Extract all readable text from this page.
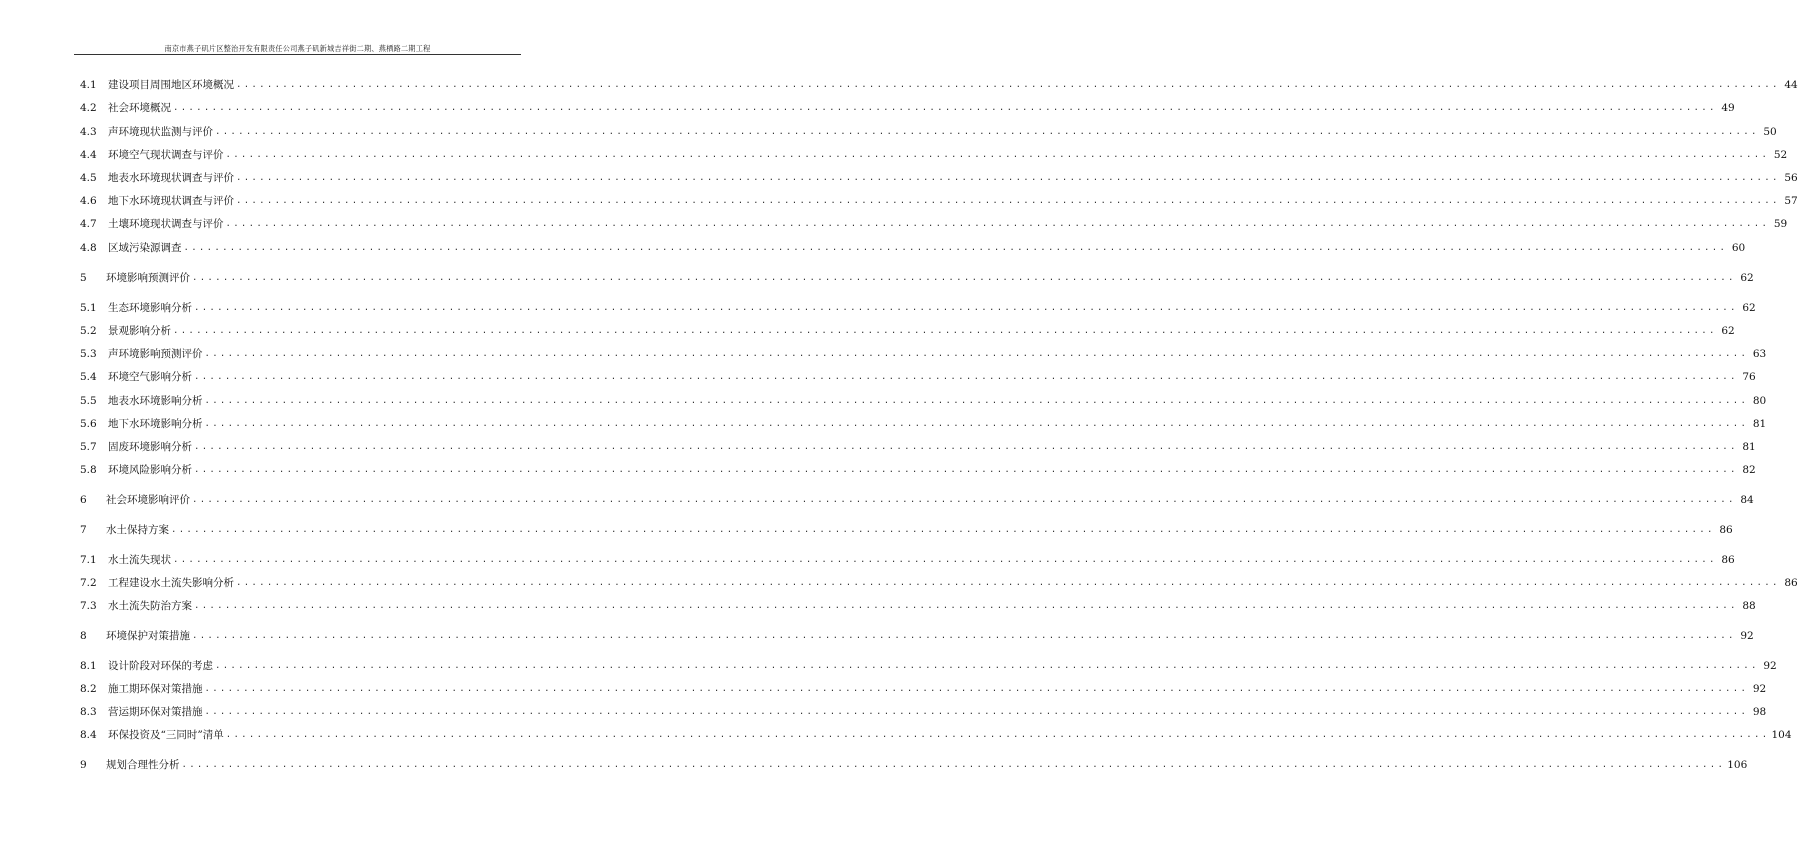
南京市燕子矶片区整治开发有限责任公司燕子矶新城吉祥街二期、燕栖路二期工程
4.1	建设项目周围地区环境概况 ........................................................................................................................................................................................................ 44
4.2	社会环境概况 ........................................................................................................................................................................................................ 49
4.3	声环境现状监测与评价 ........................................................................................................................................................................................................ 50
4.4	环境空气现状调查与评价 ........................................................................................................................................................................................................ 52
4.5	地表水环境现状调查与评价 ........................................................................................................................................................................................................ 56
4.6	地下水环境现状调查与评价 ........................................................................................................................................................................................................ 57
4.7	土壤环境现状调查与评价 ........................................................................................................................................................................................................ 59
4.8	区域污染源调查 ........................................................................................................................................................................................................ 60
5	环境影响预测评价 ........................................................................................................................................................................................................ 62
5.1	生态环境影响分析 ........................................................................................................................................................................................................ 62
5.2	景观影响分析 ........................................................................................................................................................................................................ 62
5.3	声环境影响预测评价 ........................................................................................................................................................................................................ 63
5.4	环境空气影响分析 ........................................................................................................................................................................................................ 76
5.5	地表水环境影响分析 ........................................................................................................................................................................................................ 80
5.6	地下水环境影响分析 ........................................................................................................................................................................................................ 81
5.7	固废环境影响分析 ........................................................................................................................................................................................................ 81
5.8	环境风险影响分析 ........................................................................................................................................................................................................ 82
6	社会环境影响评价 ........................................................................................................................................................................................................ 84
7	水土保持方案 ........................................................................................................................................................................................................ 86
7.1	水土流失现状 ........................................................................................................................................................................................................ 86
7.2	工程建设水土流失影响分析 ........................................................................................................................................................................................................ 86
7.3	水土流失防治方案 ........................................................................................................................................................................................................ 88
8	环境保护对策措施 ........................................................................................................................................................................................................ 92
8.1	设计阶段对环保的考虑 ........................................................................................................................................................................................................ 92
8.2	施工期环保对策措施 ........................................................................................................................................................................................................ 92
8.3	营运期环保对策措施 ........................................................................................................................................................................................................ 98
8.4	环保投资及“三同时”清单 ........................................................................................................................................................................................................ 104
9	规划合理性分析 ........................................................................................................................................................................................................ 106
